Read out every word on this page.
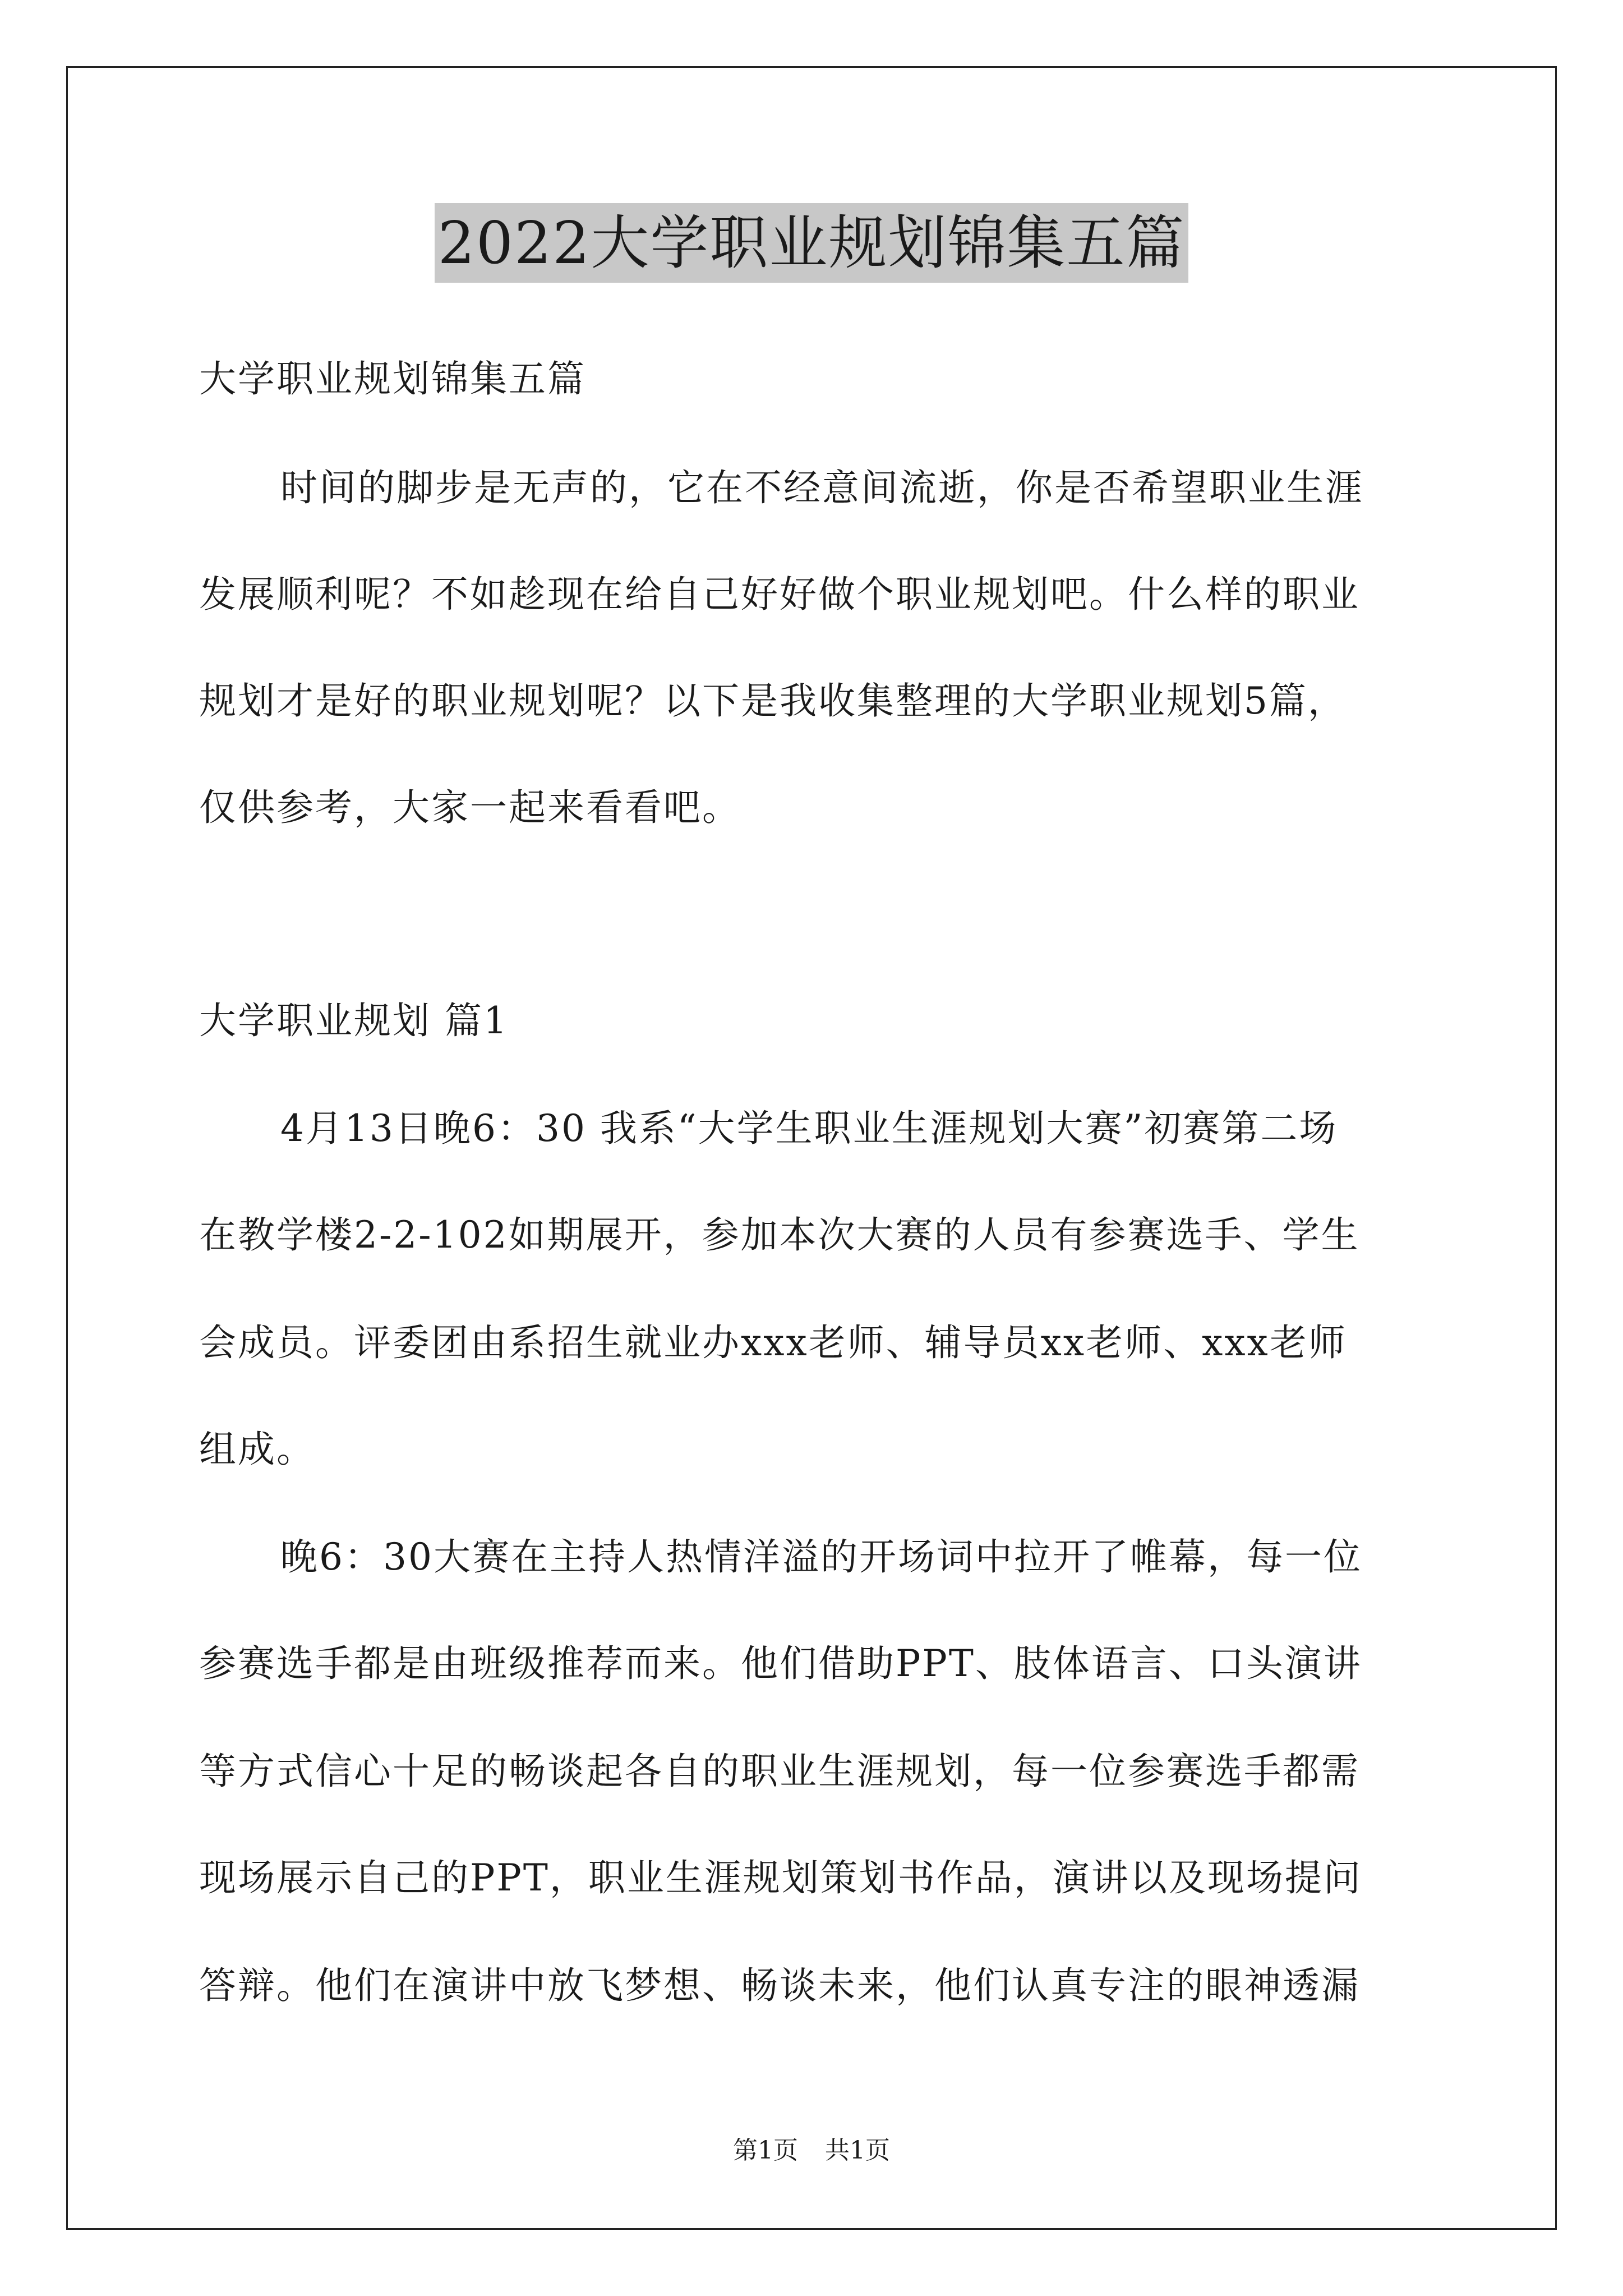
2022大学职业规划锦集五篇
大学职业规划锦集五篇
时间的脚步是无声的，它在不经意间流逝，你是否希望职业生涯
发展顺利呢？不如趁现在给自己好好做个职业规划吧。什么样的职业
规划才是好的职业规划呢？以下是我收集整理的大学职业规划5篇，
仅供参考，大家一起来看看吧。
大学职业规划 篇1
4月13日晚6：30 我系“大学生职业生涯规划大赛”初赛第二场
在教学楼2-2-102如期展开，参加本次大赛的人员有参赛选手、学生
会成员。评委团由系招生就业办xxx老师、辅导员xx老师、xxx老师
组成。
晚6：30大赛在主持人热情洋溢的开场词中拉开了帷幕，每一位
参赛选手都是由班级推荐而来。他们借助PPT、肢体语言、口头演讲
等方式信心十足的畅谈起各自的职业生涯规划，每一位参赛选手都需
现场展示自己的PPT，职业生涯规划策划书作品，演讲以及现场提问
答辩。他们在演讲中放飞梦想、畅谈未来，他们认真专注的眼神透漏
第1页 共1页
